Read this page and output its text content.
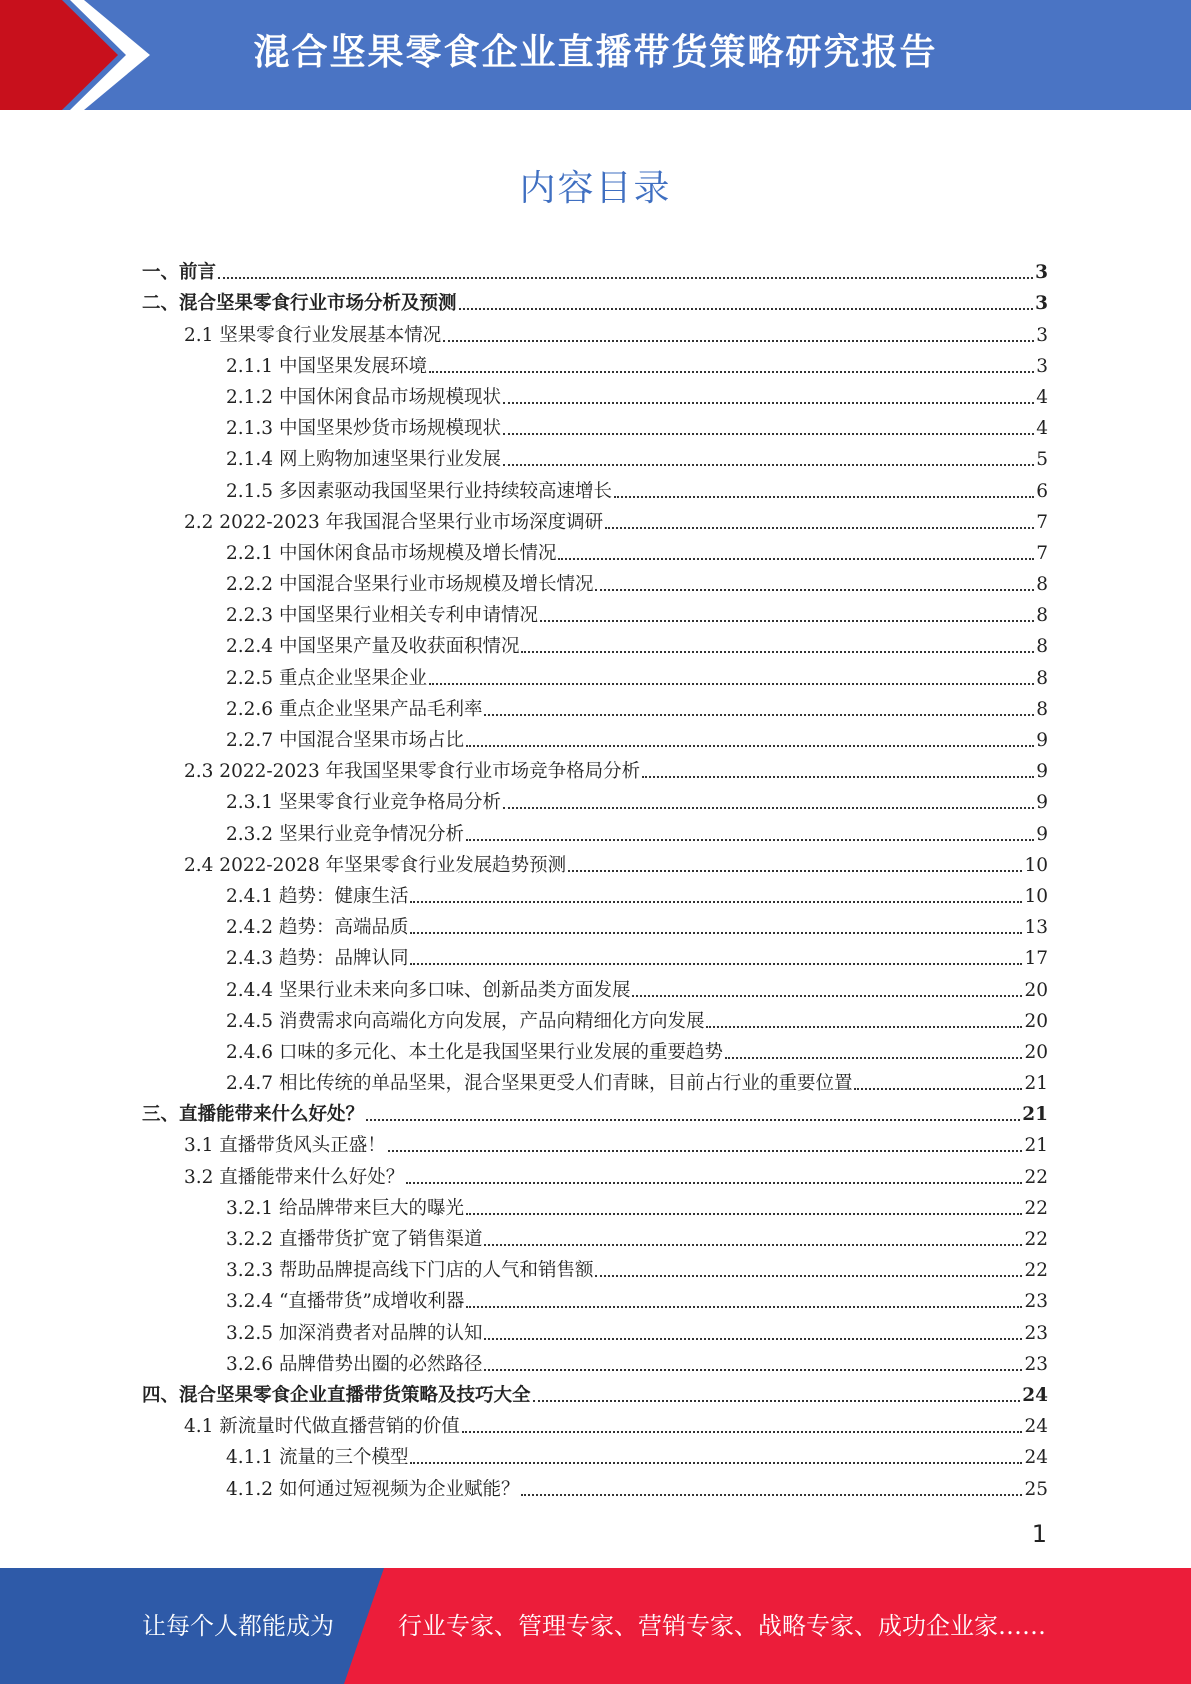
混合坚果零食企业直播带货策略研究报告
内容目录
一、前言	3
二、混合坚果零食行业市场分析及预测	3
2.1 坚果零食行业发展基本情况	3
2.1.1 中国坚果发展环境	3
2.1.2 中国休闲食品市场规模现状	4
2.1.3 中国坚果炒货市场规模现状	4
2.1.4 网上购物加速坚果行业发展	5
2.1.5 多因素驱动我国坚果行业持续较高速增长	6
2.2 2022-2023 年我国混合坚果行业市场深度调研	7
2.2.1 中国休闲食品市场规模及增长情况	7
2.2.2 中国混合坚果行业市场规模及增长情况	8
2.2.3 中国坚果行业相关专利申请情况	8
2.2.4 中国坚果产量及收获面积情况	8
2.2.5 重点企业坚果企业	8
2.2.6 重点企业坚果产品毛利率	8
2.2.7 中国混合坚果市场占比	9
2.3 2022-2023 年我国坚果零食行业市场竞争格局分析	9
2.3.1 坚果零食行业竞争格局分析	9
2.3.2 坚果行业竞争情况分析	9
2.4 2022-2028 年坚果零食行业发展趋势预测	10
2.4.1 趋势：健康生活	10
2.4.2 趋势：高端品质	13
2.4.3 趋势：品牌认同	17
2.4.4 坚果行业未来向多口味、创新品类方面发展	20
2.4.5 消费需求向高端化方向发展，产品向精细化方向发展	20
2.4.6 口味的多元化、本土化是我国坚果行业发展的重要趋势	20
2.4.7 相比传统的单品坚果，混合坚果更受人们青睐，目前占行业的重要位置	21
三、直播能带来什么好处？	21
3.1 直播带货风头正盛！	21
3.2 直播能带来什么好处？	22
3.2.1 给品牌带来巨大的曝光	22
3.2.2 直播带货扩宽了销售渠道	22
3.2.3 帮助品牌提高线下门店的人气和销售额	22
3.2.4 “直播带货”成增收利器	23
3.2.5 加深消费者对品牌的认知	23
3.2.6 品牌借势出圈的必然路径	23
四、混合坚果零食企业直播带货策略及技巧大全	24
4.1 新流量时代做直播营销的价值	24
4.1.1 流量的三个模型	24
4.1.2 如何通过短视频为企业赋能？	25
1
让每个人都能成为	行业专家、管理专家、营销专家、战略专家、成功企业家……
